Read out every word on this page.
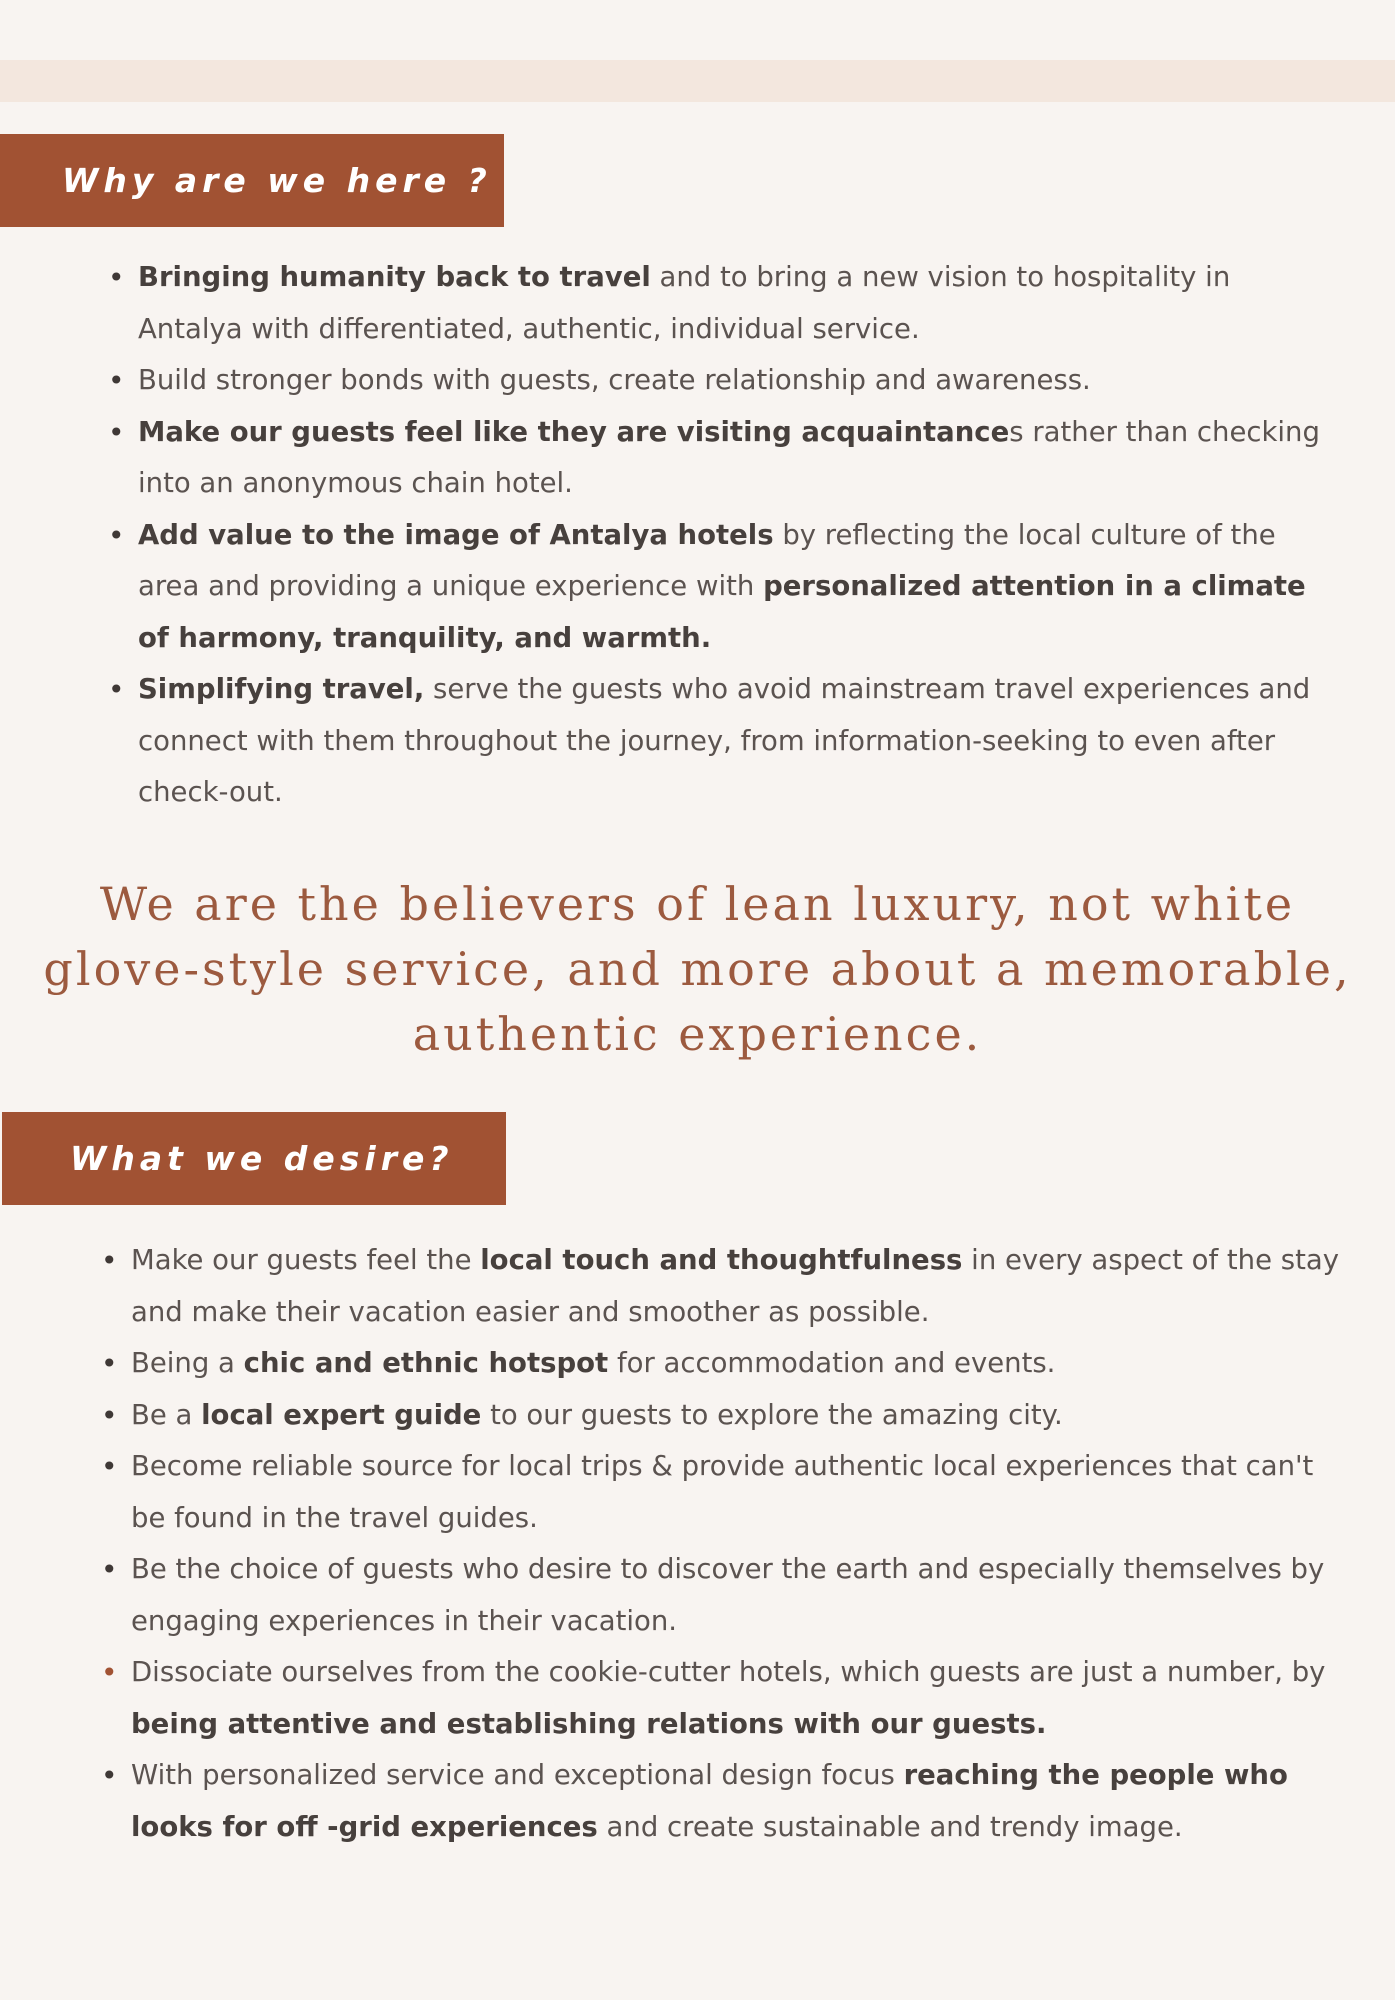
Why are we here ?
• Bringing humanity back to travel and to bring a new vision to hospitality in Antalya with differentiated, authentic, individual service.
• Build stronger bonds with guests, create relationship and awareness.
• Make our guests feel like they are visiting acquaintances rather than checking into an anonymous chain hotel.
• Add value to the image of Antalya hotels by reflecting the local culture of the area and providing a unique experience with personalized attention in a climate of harmony, tranquility, and warmth.
• Simplifying travel, serve the guests who avoid mainstream travel experiences and connect with them throughout the journey, from information-seeking to even after check-out.

We are the believers of lean luxury, not white glove-style service, and more about a memorable, authentic experience.

What we desire?
• Make our guests feel the local touch and thoughtfulness in every aspect of the stay and make their vacation easier and smoother as possible.
• Being a chic and ethnic hotspot for accommodation and events.
• Be a local expert guide to our guests to explore the amazing city.
• Become reliable source for local trips & provide authentic local experiences that can't be found in the travel guides.
• Be the choice of guests who desire to discover the earth and especially themselves by engaging experiences in their vacation.
• Dissociate ourselves from the cookie-cutter hotels, which guests are just a number, by being attentive and establishing relations with our guests.
• With personalized service and exceptional design focus reaching the people who looks for off -grid experiences and create sustainable and trendy image.
